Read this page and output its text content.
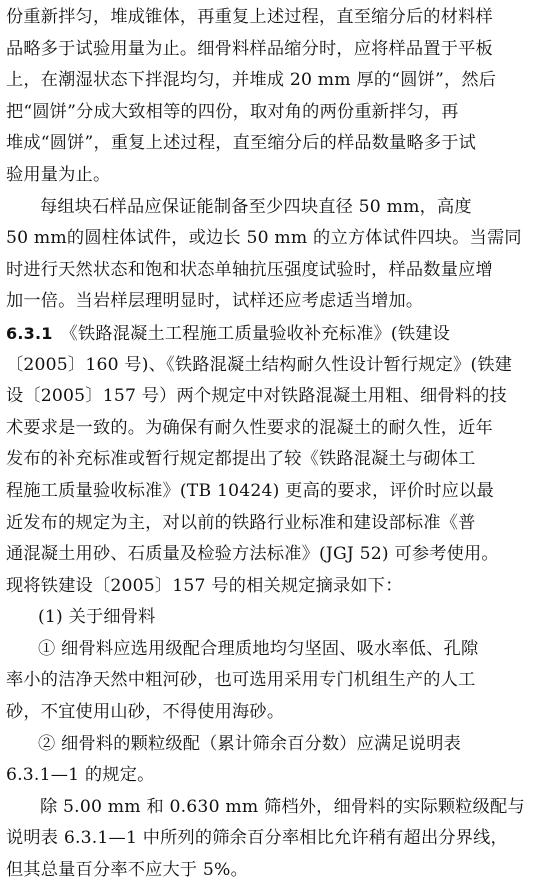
份重新拌匀，堆成锥体，再重复上述过程，直至缩分后的材料样
品略多于试验用量为止。细骨料样品缩分时，应将样品置于平板
上，在潮湿状态下拌混均匀，并堆成 20 mm 厚的“圆饼”，然后
把“圆饼”分成大致相等的四份，取对角的两份重新拌匀，再
堆成“圆饼”，重复上述过程，直至缩分后的样品数量略多于试
验用量为止。
每组块石样品应保证能制备至少四块直径 50 mm，高度
50 mm的圆柱体试件，或边长 50 mm 的立方体试件四块。当需同
时进行天然状态和饱和状态单轴抗压强度试验时，样品数量应增
加一倍。当岩样层理明显时，试样还应考虑适当增加。
6.3.1 《铁路混凝土工程施工质量验收补充标准》(铁建设
〔2005〕160 号)、《铁路混凝土结构耐久性设计暂行规定》(铁建
设〔2005〕157 号）两个规定中对铁路混凝土用粗、细骨料的技
术要求是一致的。为确保有耐久性要求的混凝土的耐久性，近年
发布的补充标准或暂行规定都提出了较《铁路混凝土与砌体工
程施工质量验收标准》(TB 10424) 更高的要求，评价时应以最
近发布的规定为主，对以前的铁路行业标准和建设部标准《普
通混凝土用砂、石质量及检验方法标准》(JGJ 52) 可参考使用。
现将铁建设〔2005〕157 号的相关规定摘录如下：
(1) 关于细骨料
① 细骨料应选用级配合理质地均匀坚固、吸水率低、孔隙
率小的洁净天然中粗河砂，也可选用采用专门机组生产的人工
砂，不宜使用山砂，不得使用海砂。
② 细骨料的颗粒级配（累计筛余百分数）应满足说明表
6.3.1—1 的规定。
除 5.00 mm 和 0.630 mm 筛档外，细骨料的实际颗粒级配与
说明表 6.3.1—1 中所列的筛余百分率相比允许稍有超出分界线，
但其总量百分率不应大于 5%。
